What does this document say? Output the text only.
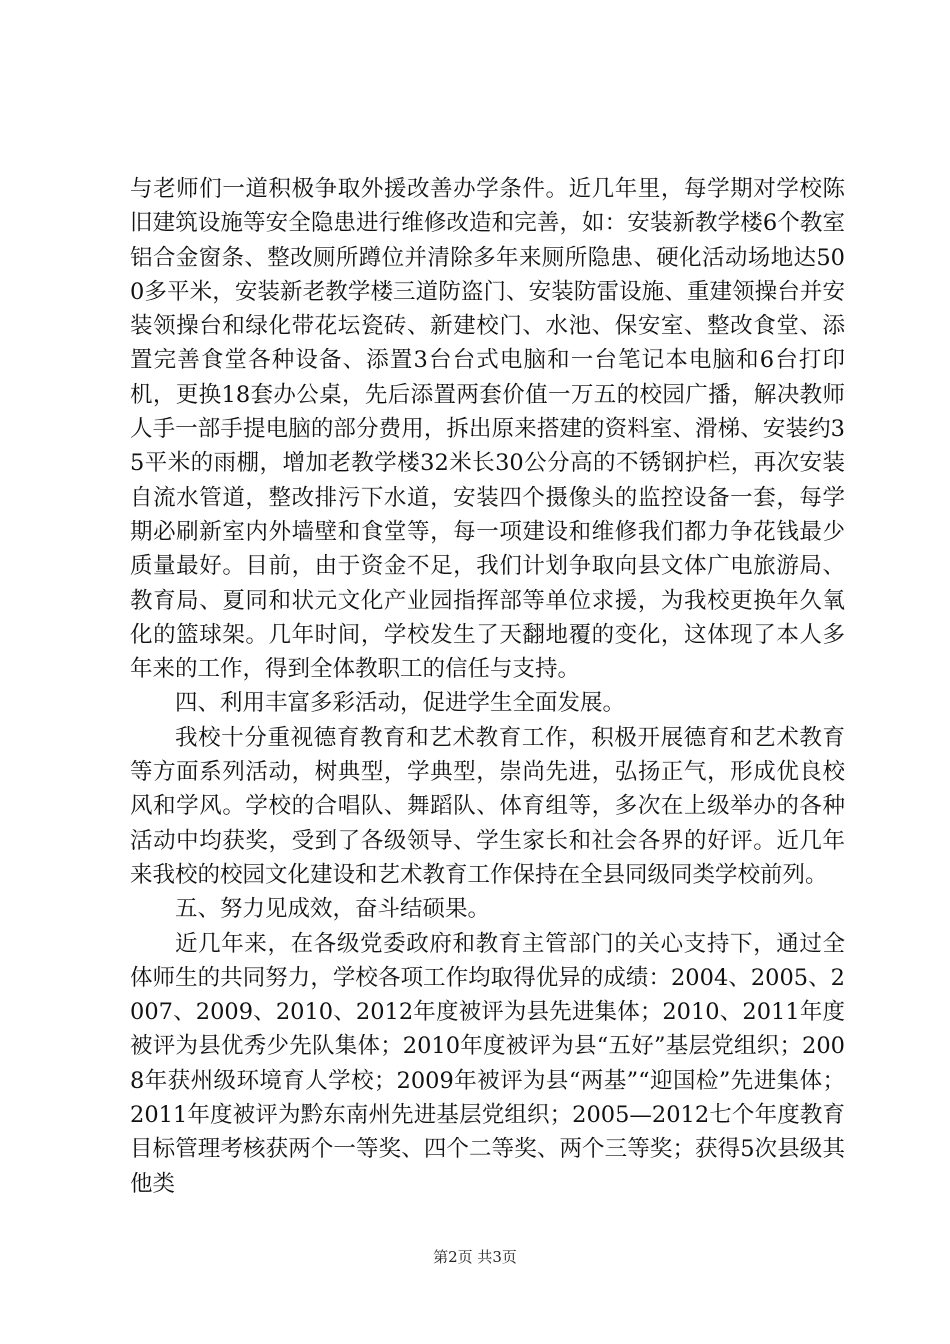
与老师们一道积极争取外援改善办学条件。近几年里，每学期对学校陈旧建筑设施等安全隐患进行维修改造和完善，如：安装新教学楼6个教室铝合金窗条、整改厕所蹲位并清除多年来厕所隐患、硬化活动场地达500多平米，安装新老教学楼三道防盗门、安装防雷设施、重建领操台并安装领操台和绿化带花坛瓷砖、新建校门、水池、保安室、整改食堂、添置完善食堂各种设备、添置3台台式电脑和一台笔记本电脑和6台打印机，更换18套办公桌，先后添置两套价值一万五的校园广播，解决教师人手一部手提电脑的部分费用，拆出原来搭建的资料室、滑梯、安装约35平米的雨棚，增加老教学楼32米长30公分高的不锈钢护栏，再次安装自流水管道，整改排污下水道，安装四个摄像头的监控设备一套，每学期必刷新室内外墙壁和食堂等，每一项建设和维修我们都力争花钱最少质量最好。目前，由于资金不足，我们计划争取向县文体广电旅游局、教育局、夏同和状元文化产业园指挥部等单位求援，为我校更换年久氧化的篮球架。几年时间，学校发生了天翻地覆的变化，这体现了本人多年来的工作，得到全体教职工的信任与支持。

四、利用丰富多彩活动，促进学生全面发展。

我校十分重视德育教育和艺术教育工作，积极开展德育和艺术教育等方面系列活动，树典型，学典型，崇尚先进，弘扬正气，形成优良校风和学风。学校的合唱队、舞蹈队、体育组等，多次在上级举办的各种活动中均获奖，受到了各级领导、学生家长和社会各界的好评。近几年来我校的校园文化建设和艺术教育工作保持在全县同级同类学校前列。

五、努力见成效，奋斗结硕果。

近几年来，在各级党委政府和教育主管部门的关心支持下，通过全体师生的共同努力，学校各项工作均取得优异的成绩：2004、2005、2007、2009、2010、2012年度被评为县先进集体；2010、2011年度被评为县优秀少先队集体；2010年度被评为县“五好”基层党组织；2008年获州级环境育人学校；2009年被评为县“两基”“迎国检”先进集体；2011年度被评为黔东南州先进基层党组织；2005—2012七个年度教育目标管理考核获两个一等奖、四个二等奖、两个三等奖；获得5次县级其他类

第2页 共3页
